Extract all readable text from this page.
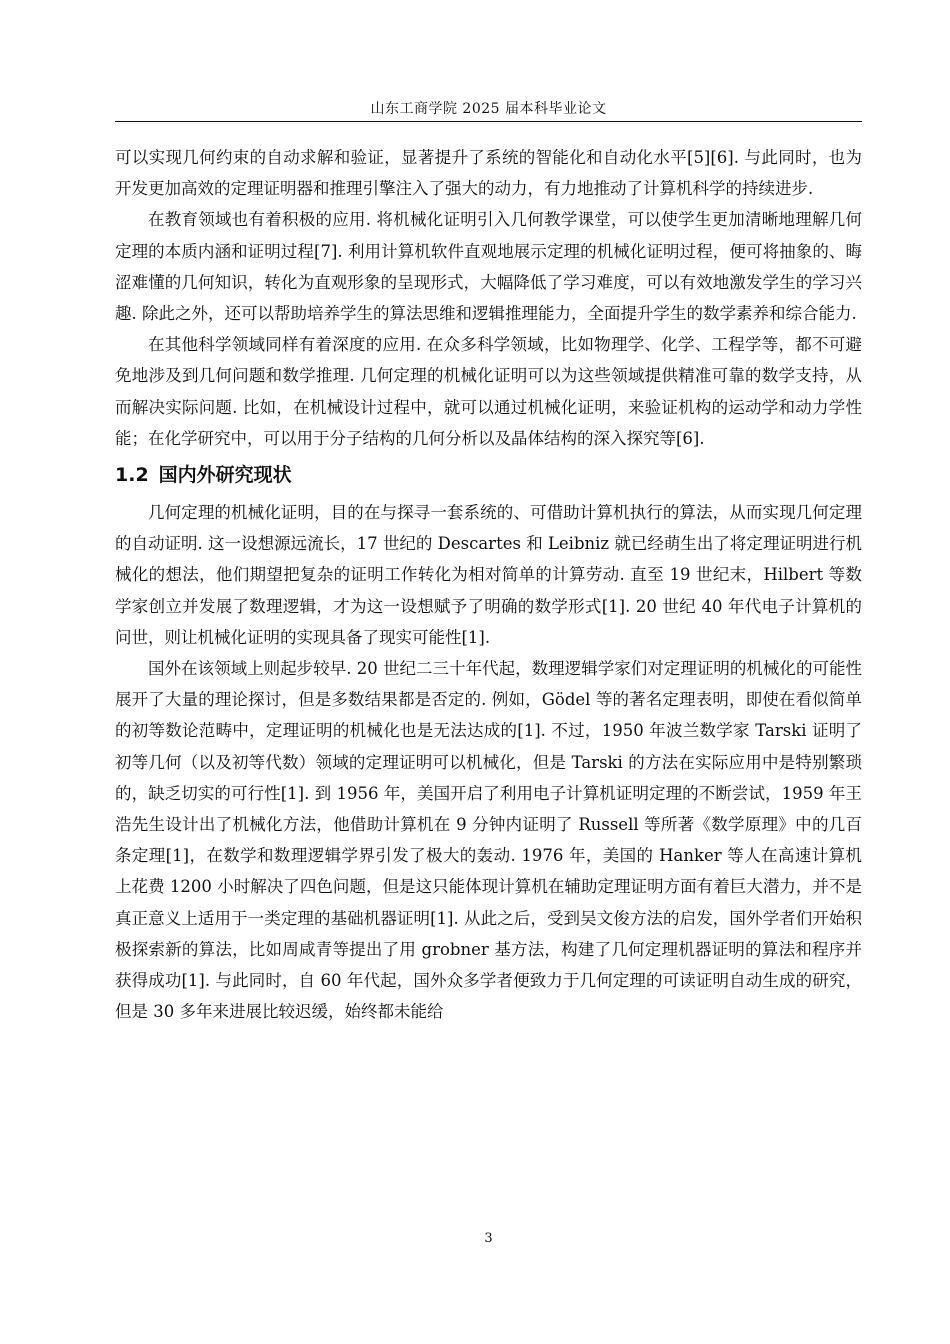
山东工商学院 2025 届本科毕业论文

可以实现几何约束的自动求解和验证，显著提升了系统的智能化和自动化水平[5][6]. 与此同时，也为开发更加高效的定理证明器和推理引擎注入了强大的动力，有力地推动了计算机科学的持续进步.

在教育领域也有着积极的应用. 将机械化证明引入几何教学课堂，可以使学生更加清晰地理解几何定理的本质内涵和证明过程[7]. 利用计算机软件直观地展示定理的机械化证明过程，便可将抽象的、晦涩难懂的几何知识，转化为直观形象的呈现形式，大幅降低了学习难度，可以有效地激发学生的学习兴趣. 除此之外，还可以帮助培养学生的算法思维和逻辑推理能力，全面提升学生的数学素养和综合能力.

在其他科学领域同样有着深度的应用. 在众多科学领域，比如物理学、化学、工程学等，都不可避免地涉及到几何问题和数学推理. 几何定理的机械化证明可以为这些领域提供精准可靠的数学支持，从而解决实际问题. 比如，在机械设计过程中，就可以通过机械化证明，来验证机构的运动学和动力学性能；在化学研究中，可以用于分子结构的几何分析以及晶体结构的深入探究等[6].

1.2 国内外研究现状

几何定理的机械化证明，目的在与探寻一套系统的、可借助计算机执行的算法，从而实现几何定理的自动证明. 这一设想源远流长，17 世纪的 Descartes 和 Leibniz 就已经萌生出了将定理证明进行机械化的想法，他们期望把复杂的证明工作转化为相对简单的计算劳动. 直至 19 世纪末，Hilbert 等数学家创立并发展了数理逻辑，才为这一设想赋予了明确的数学形式[1]. 20 世纪 40 年代电子计算机的问世，则让机械化证明的实现具备了现实可能性[1].

国外在该领域上则起步较早. 20 世纪二三十年代起，数理逻辑学家们对定理证明的机械化的可能性展开了大量的理论探讨，但是多数结果都是否定的. 例如，Gödel 等的著名定理表明，即使在看似简单的初等数论范畴中，定理证明的机械化也是无法达成的[1]. 不过，1950 年波兰数学家 Tarski 证明了初等几何（以及初等代数）领域的定理证明可以机械化，但是 Tarski 的方法在实际应用中是特别繁琐的，缺乏切实的可行性[1]. 到 1956 年，美国开启了利用电子计算机证明定理的不断尝试，1959 年王浩先生设计出了机械化方法，他借助计算机在 9 分钟内证明了 Russell 等所著《数学原理》中的几百条定理[1]，在数学和数理逻辑学界引发了极大的轰动. 1976 年，美国的 Hanker 等人在高速计算机上花费 1200 小时解决了四色问题，但是这只能体现计算机在辅助定理证明方面有着巨大潜力，并不是真正意义上适用于一类定理的基础机器证明[1]. 从此之后，受到吴文俊方法的启发，国外学者们开始积极探索新的算法，比如周咸青等提出了用 grobner 基方法，构建了几何定理机器证明的算法和程序并获得成功[1]. 与此同时，自 60 年代起，国外众多学者便致力于几何定理的可读证明自动生成的研究，但是 30 多年来进展比较迟缓，始终都未能给

3
